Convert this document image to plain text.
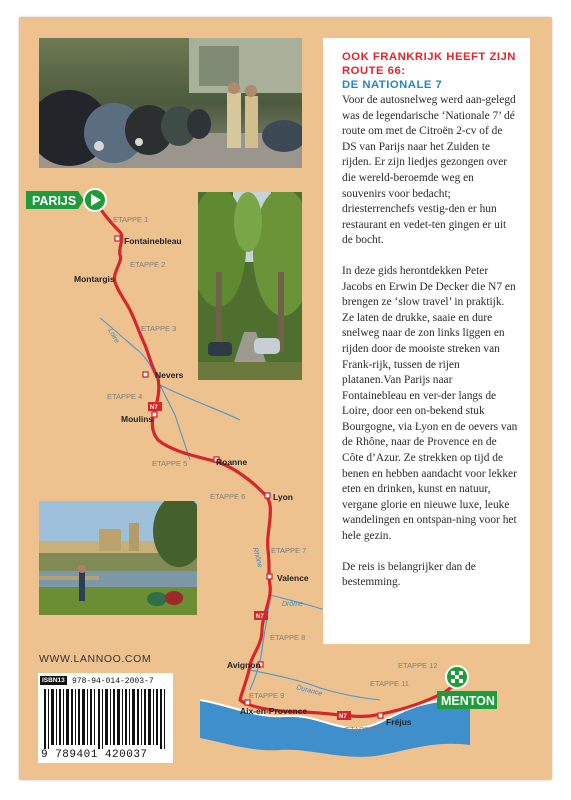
N7
N7
N7
Fontainebleau
Montargis
Nevers
Moulins
Roanne
Lyon
Valence
Avignon
Aix-en-Provence
Fréjus
Loire
Rhône
Drôme
Durance
ETAPPE 1
ETAPPE 2
ETAPPE 3
ETAPPE 4
ETAPPE 5
ETAPPE 6
ETAPPE 7
ETAPPE 8
ETAPPE 9
ETAPPE 10
ETAPPE 11
ETAPPE 12
PARIJS
MENTON
OOK FRANKRIJK HEEFT ZIJN ROUTE 66:
DE NATIONALE 7

Voor de autosnelweg werd aan-gelegd was de legendarische ‘Nationale 7’ dé route om met de Citroën 2-cv of de DS van Parijs naar het Zuiden te rijden. Er zijn liedjes gezongen over die wereld-beroemde weg en souvenirs voor bedacht; driesterrenchefs vestig-den er hun restaurant en vedet-ten gingen er uit de bocht.

In deze gids herontdekken Peter Jacobs en Erwin De Decker die N7 en brengen ze ‘slow travel’ in praktijk. Ze laten de drukke, saaie en dure snelweg naar de zon links liggen en rijden door de mooiste streken van Frank-rijk, tussen de rijen platanen.Van Parijs naar Fontainebleau en ver-der langs de Loire, door een on-bekend stuk Bourgogne, via Lyon en de oevers van de Rhône, naar de Provence en de Côte d’Azur. Ze strekken op tijd de benen en hebben aandacht voor lekker eten en drinken, kunst en natuur, vergane glorie en nieuwe luxe, leuke wandelingen en ontspan-ning voor het hele gezin.

De reis is belangrijker dan de bestemming.

WWW.LANNOO.COM
ISBN13 978-94-014-2003-7
9 789401 420037
